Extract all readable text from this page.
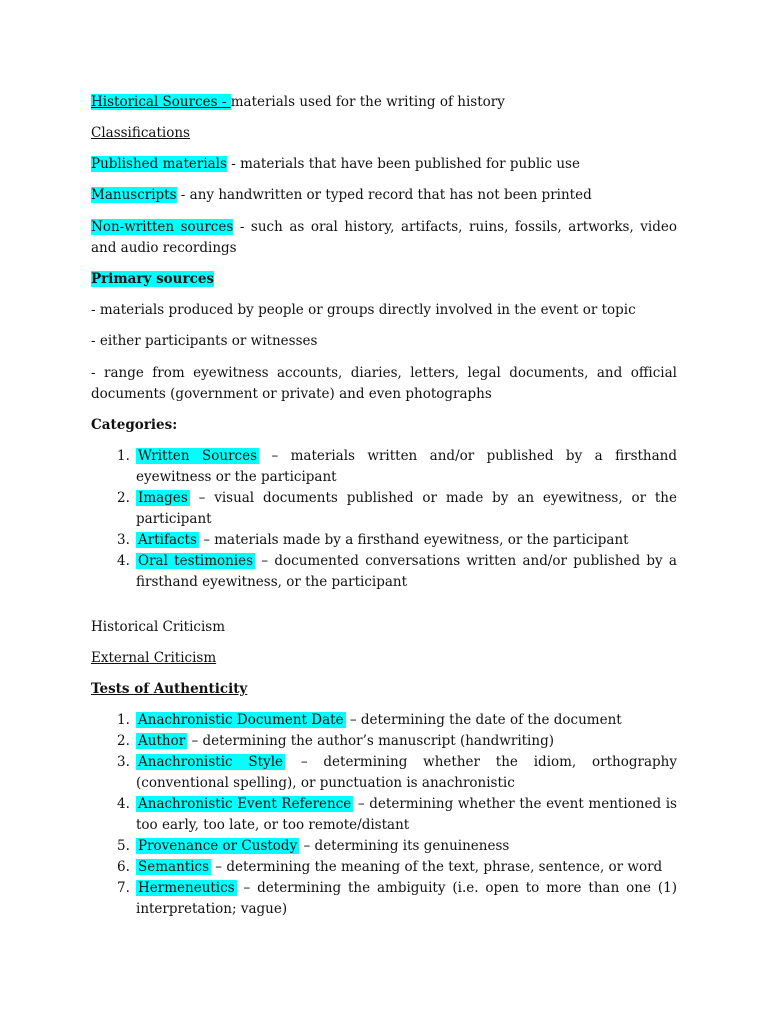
Historical Sources - materials used for the writing of history
Classifications
Published materials - materials that have been published for public use
Manuscripts - any handwritten or typed record that has not been printed
Non-written sources - such as oral history, artifacts, ruins, fossils, artworks, video and audio recordings
Primary sources
- materials produced by people or groups directly involved in the event or topic
- either participants or witnesses
- range from eyewitness accounts, diaries, letters, legal documents, and official documents (government or private) and even photographs
Categories:
1. Written Sources – materials written and/or published by a firsthand eyewitness or the participant
2. Images – visual documents published or made by an eyewitness, or the participant
3. Artifacts – materials made by a firsthand eyewitness, or the participant
4. Oral testimonies – documented conversations written and/or published by a firsthand eyewitness, or the participant
Historical Criticism
External Criticism
Tests of Authenticity
1. Anachronistic Document Date – determining the date of the document
2. Author – determining the author’s manuscript (handwriting)
3. Anachronistic Style – determining whether the idiom, orthography (conventional spelling), or punctuation is anachronistic
4. Anachronistic Event Reference – determining whether the event mentioned is too early, too late, or too remote/distant
5. Provenance or Custody – determining its genuineness
6. Semantics – determining the meaning of the text, phrase, sentence, or word
7. Hermeneutics – determining the ambiguity (i.e. open to more than one (1) interpretation; vague)
